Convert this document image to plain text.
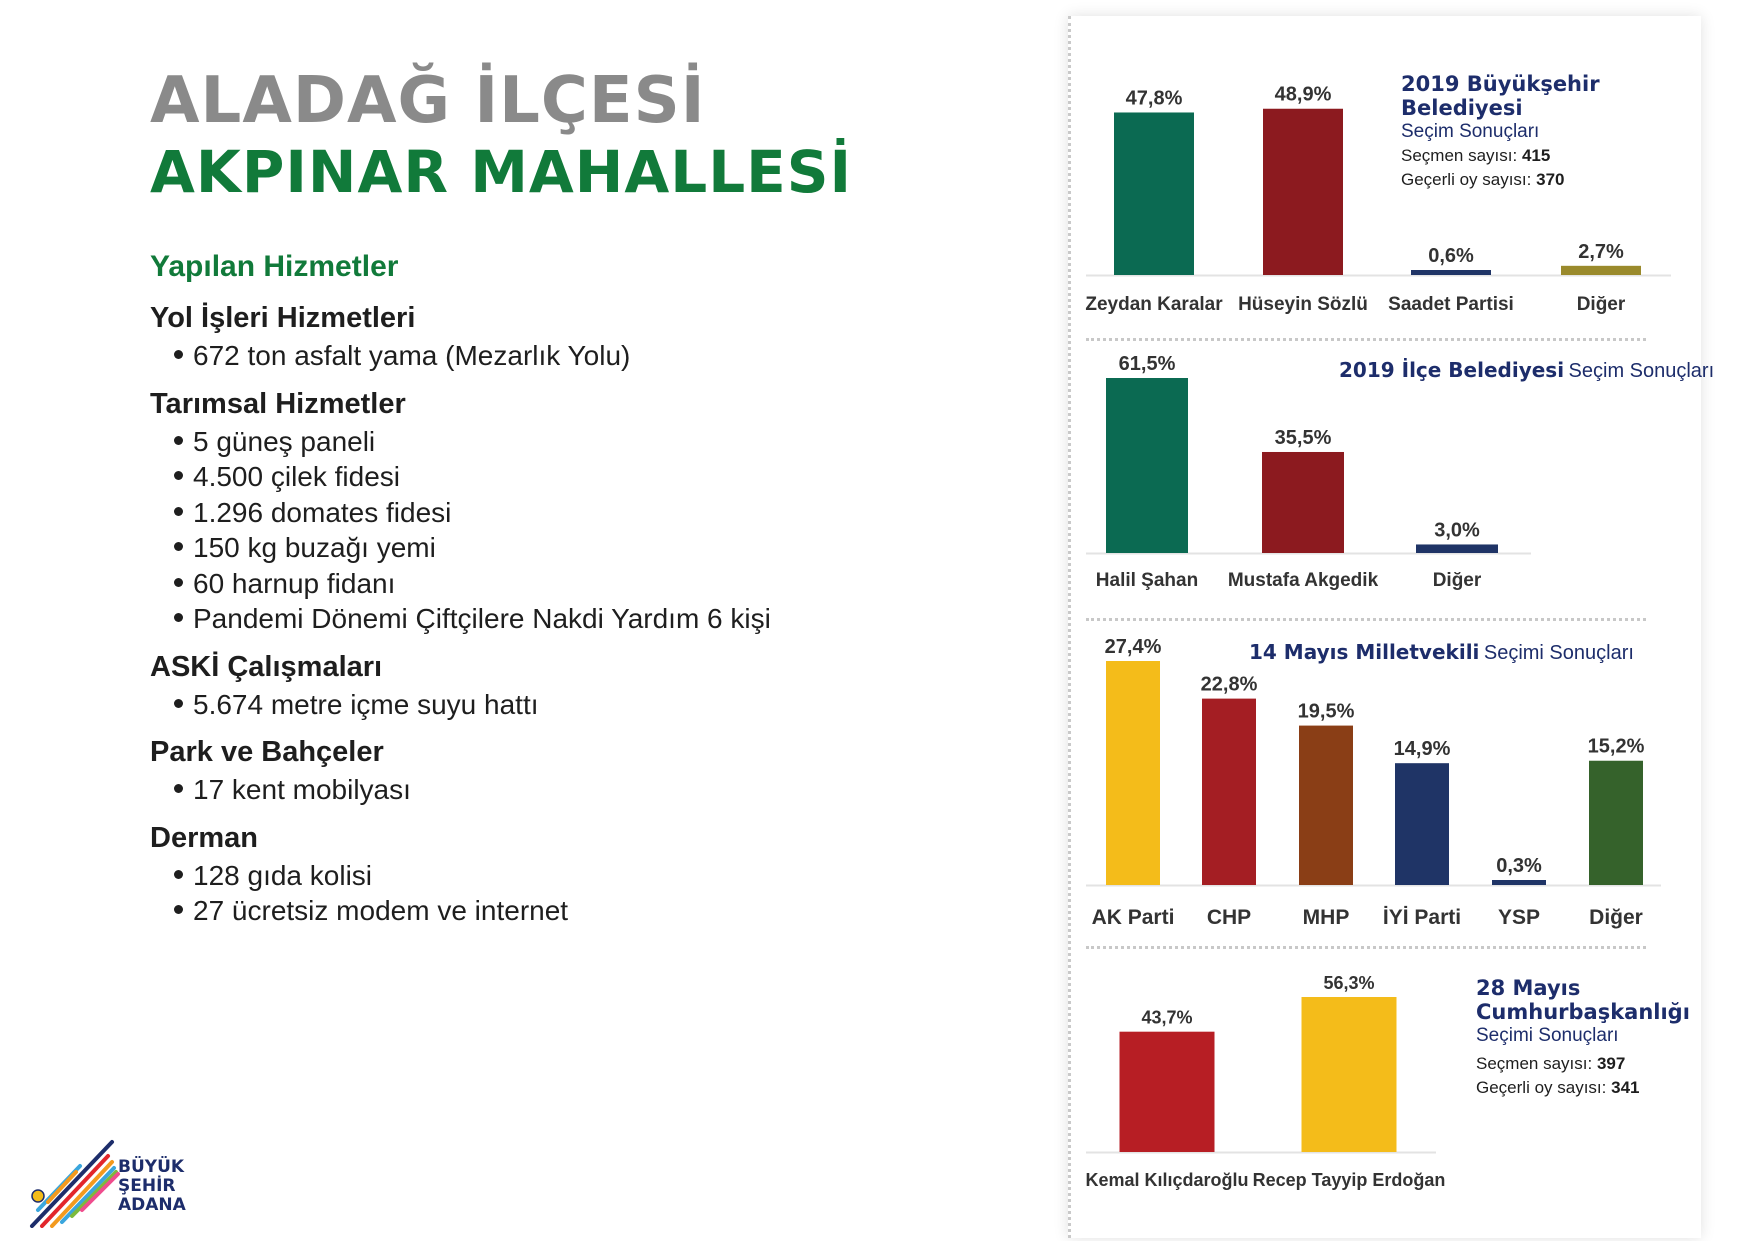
ALADAĞ İLÇESİ
AKPINAR MAHALLESİ
Yapılan Hizmetler
Yol İşleri Hizmetleri
672 ton asfalt yama (Mezarlık Yolu)
Tarımsal Hizmetler
5 güneş paneli
4.500 çilek fidesi
1.296 domates fidesi
150 kg buzağı yemi
60 harnup fidanı
Pandemi Dönemi Çiftçilere Nakdi Yardım 6 kişi
ASKİ Çalışmaları
5.674 metre içme suyu hattı
Park ve Bahçeler
17 kent mobilyası
Derman
128 gıda kolisi
27 ücretsiz modem ve internet
BÜYÜK
ŞEHİR
ADANA
47,8%
Zeydan Karalar
48,9%
Hüseyin Sözlü
0,6%
Saadet Partisi
2,7%
Diğer
61,5%
Halil Şahan
35,5%
Mustafa Akgedik
3,0%
Diğer
27,4%
AK Parti
22,8%
CHP
19,5%
MHP
14,9%
İYİ Parti
0,3%
YSP
15,2%
Diğer
43,7%
Kemal Kılıçdaroğlu
56,3%
Recep Tayyip Erdoğan
2019 Büyükşehir Belediyesi
Seçim Sonuçları
Seçmen sayısı: 415
Geçerli oy sayısı: 370
2019 İlçe Belediyesi Seçim Sonuçları
14 Mayıs Milletvekili Seçimi Sonuçları
28 Mayıs
Cumhurbaşkanlığı
Seçimi Sonuçları
Seçmen sayısı: 397
Geçerli oy sayısı: 341
